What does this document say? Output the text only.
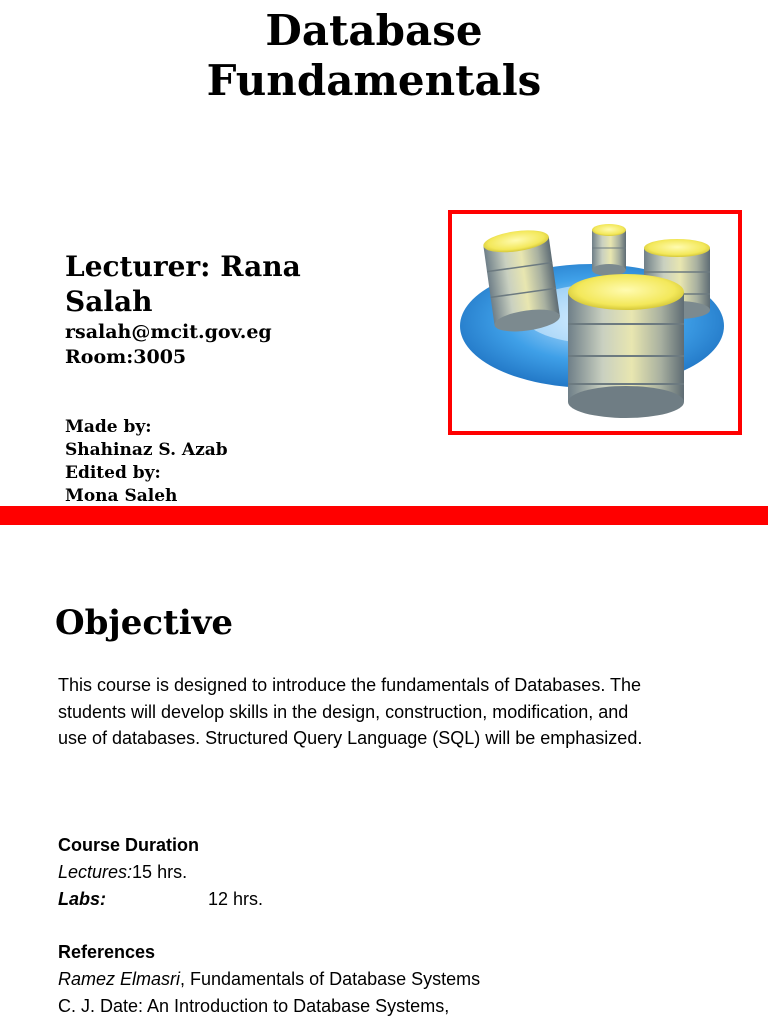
Database
Fundamentals
Lecturer: Rana Salah
rsalah@mcit.gov.eg
Room:3005
Made by:
Shahinaz S. Azab
Edited by:
Mona Saleh
Objective
This course is designed to introduce the fundamentals of Databases. The students will develop skills in the design, construction, modification, and use of databases. Structured Query Language (SQL) will be emphasized.
Course Duration
Lectures:15 hrs.
Labs:	12 hrs.
References
Ramez Elmasri, Fundamentals of Database Systems
C. J. Date: An Introduction to Database Systems,
